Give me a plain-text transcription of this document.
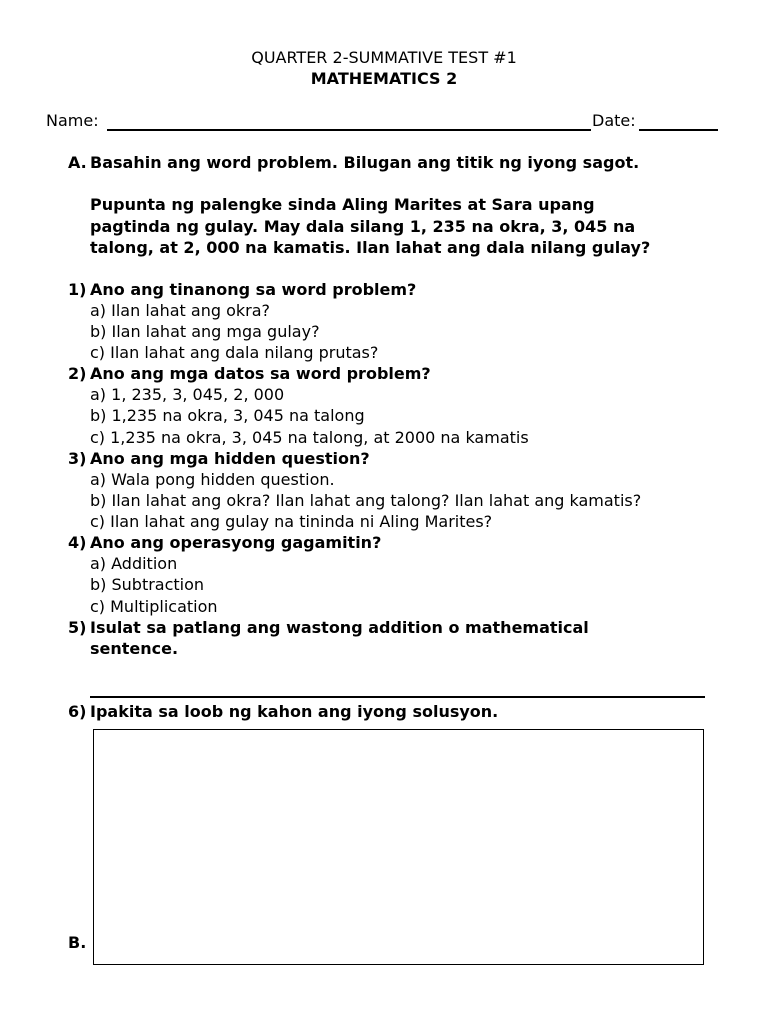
QUARTER 2-SUMMATIVE TEST #1
MATHEMATICS 2
Name:	Date:
A. Basahin ang word problem. Bilugan ang titik ng iyong sagot.
Pupunta ng palengke sinda Aling Marites at Sara upang
pagtinda ng gulay. May dala silang 1, 235 na okra, 3, 045 na
talong, at 2, 000 na kamatis. Ilan lahat ang dala nilang gulay?
1) Ano ang tinanong sa word problem?
a) Ilan lahat ang okra?
b) Ilan lahat ang mga gulay?
c) Ilan lahat ang dala nilang prutas?
2) Ano ang mga datos sa word problem?
a) 1, 235, 3, 045, 2, 000
b) 1,235 na okra, 3, 045 na talong
c) 1,235 na okra, 3, 045 na talong, at 2000 na kamatis
3) Ano ang mga hidden question?
a) Wala pong hidden question.
b) Ilan lahat ang okra? Ilan lahat ang talong? Ilan lahat ang kamatis?
c) Ilan lahat ang gulay na tininda ni Aling Marites?
4) Ano ang operasyong gagamitin?
a) Addition
b) Subtraction
c) Multiplication
5) Isulat sa patlang ang wastong addition o mathematical
sentence.
6) Ipakita sa loob ng kahon ang iyong solusyon.
B.
